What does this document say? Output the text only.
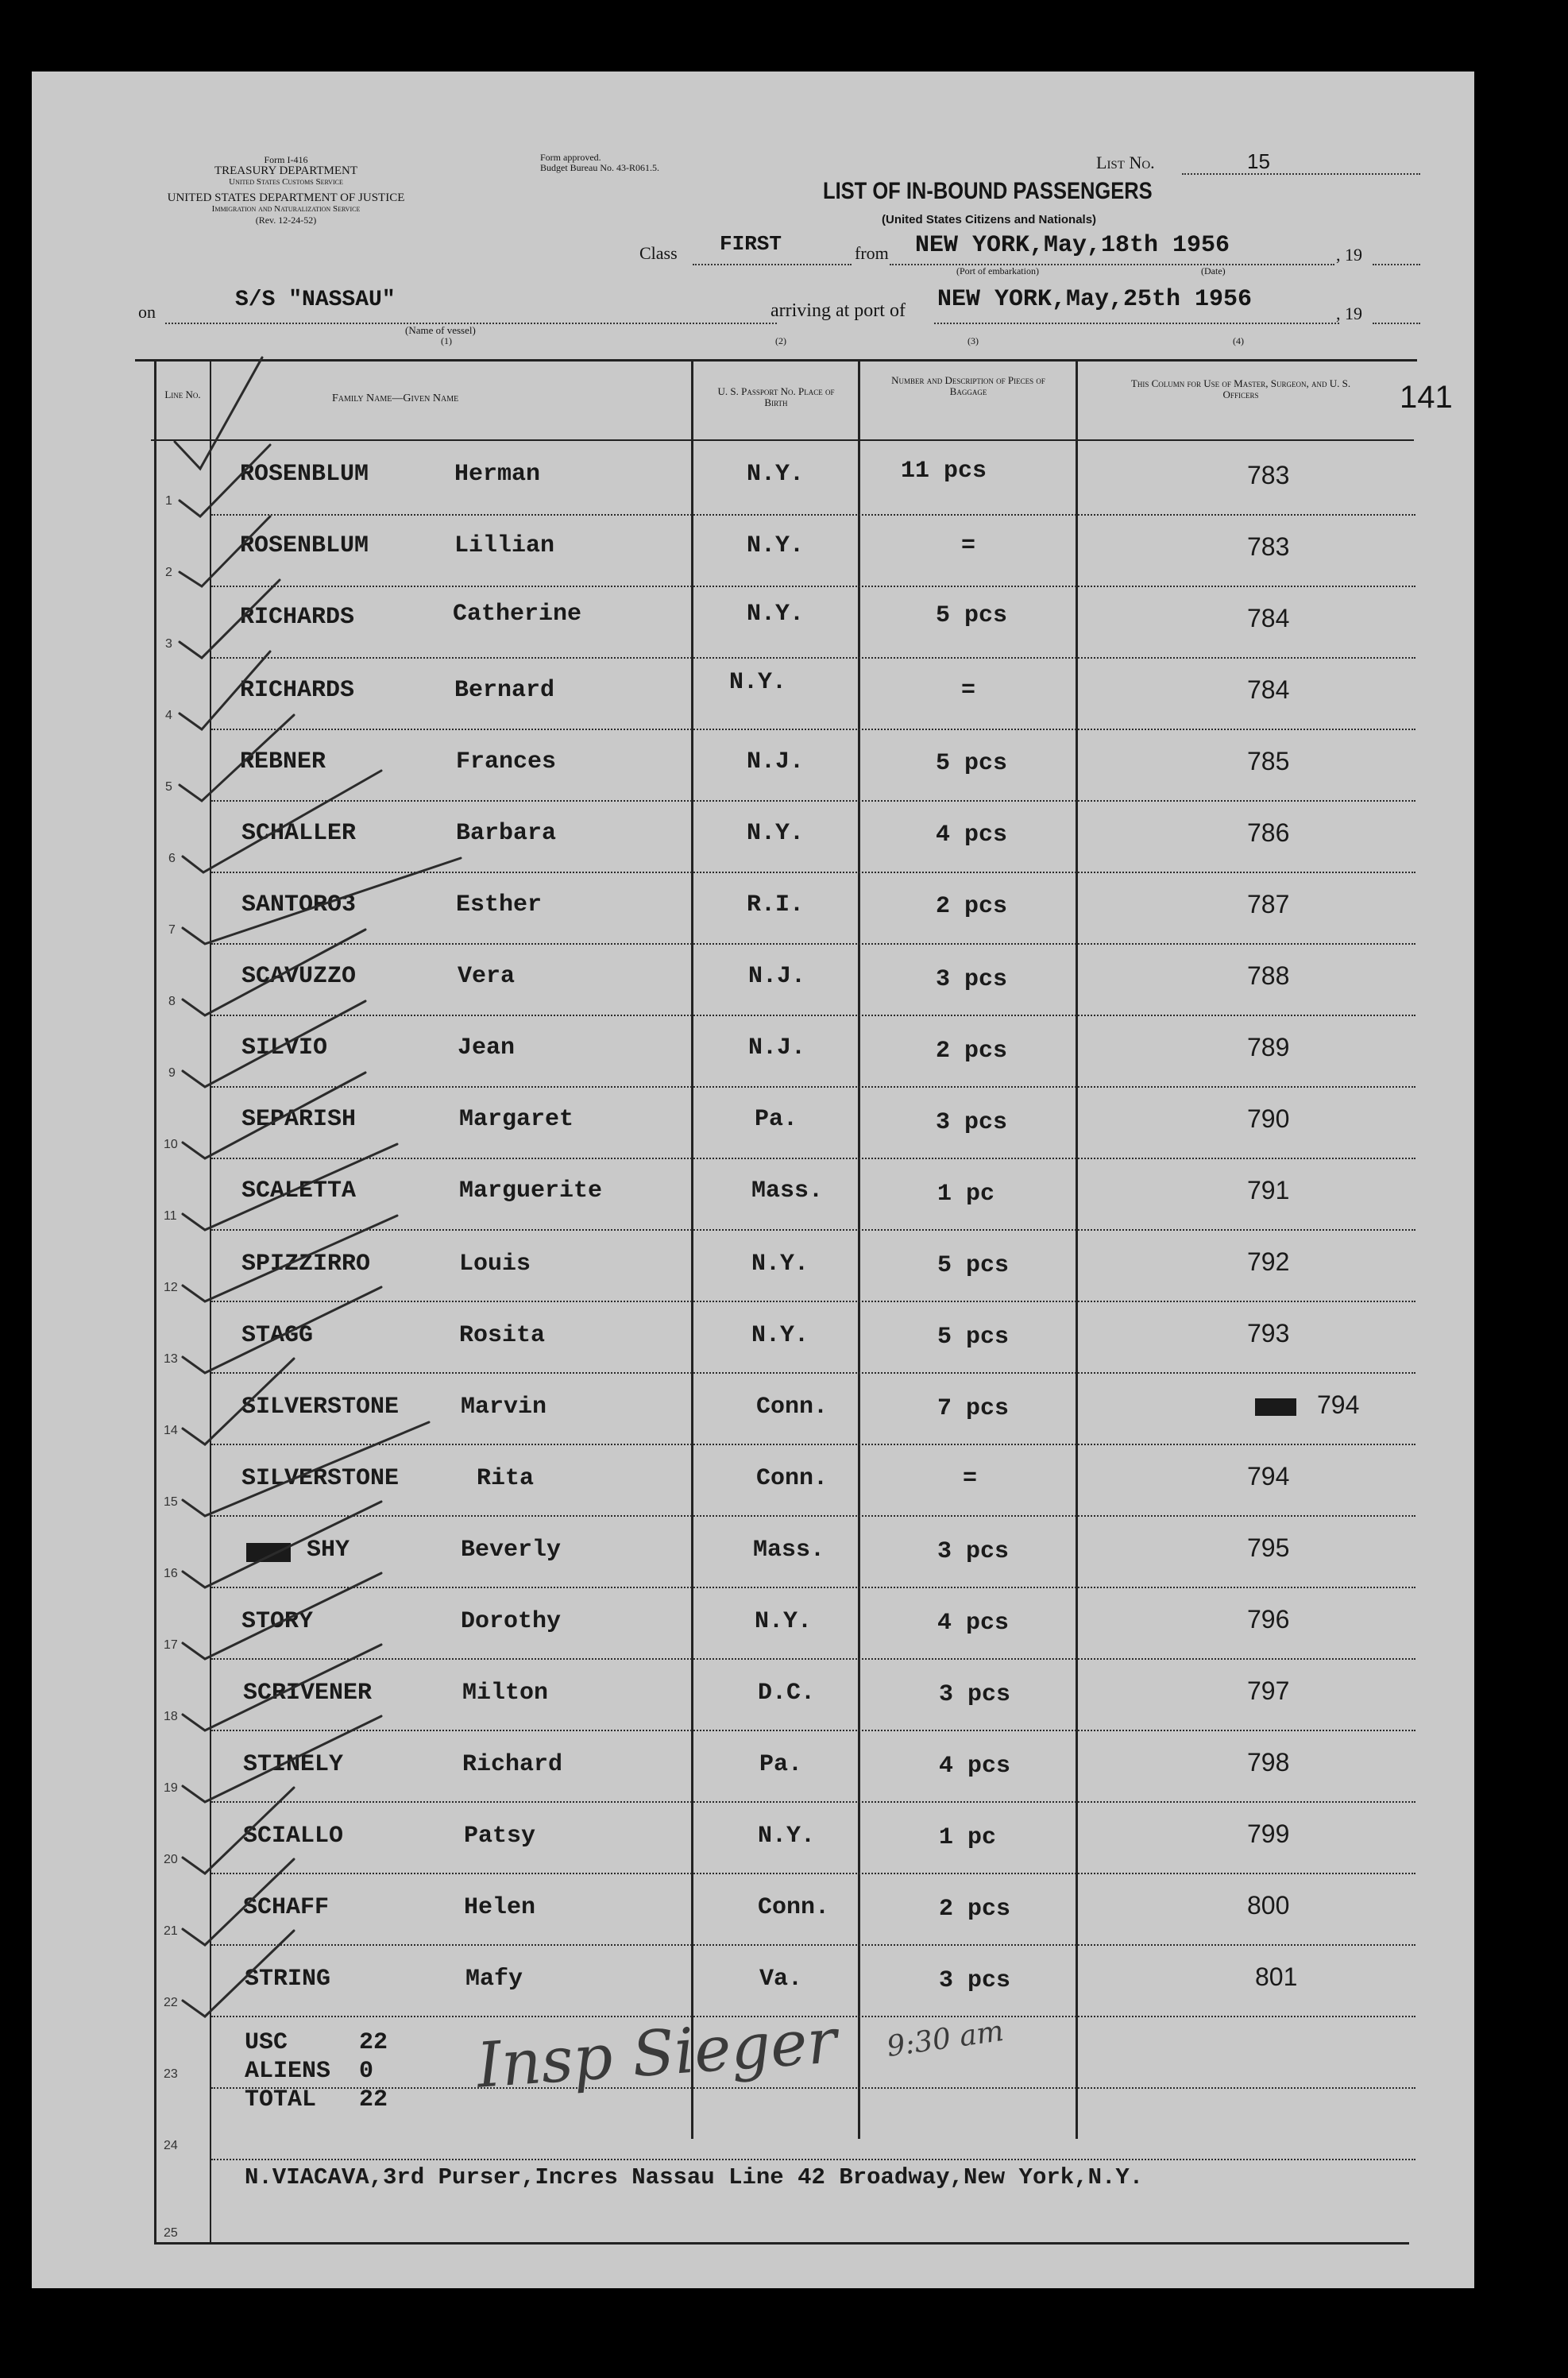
Form I-416
TREASURY DEPARTMENT
United States Customs Service
UNITED STATES DEPARTMENT OF JUSTICE
Immigration and Naturalization Service
(Rev. 12-24-52)
Form approved.
Budget Bureau No. 43-R061.5.	List No.	15
LIST OF IN-BOUND PASSENGERS
(United States Citizens and Nationals)
Class FIRST	from NEW YORK,May,18th 1956	, 19
(Port of embarkation)	(Date)
on	S/S "NASSAU"
(Name of vessel)
(1)
arriving at port of NEW YORK,May,25th 1956
, 19
(2)	(3)	(4)
141
Line No.	Family Name—Given Name
U. S. Passport No. Place of Birth
Number and Description of Pieces of Baggage
This Column for Use of Master, Surgeon, and U. S. Officers
1
ROSENBLUM	Herman	N.Y.	11 pcs	783
2
ROSENBLUM	Lillian	N.Y.	=	783
3
RICHARDS	Catherine	N.Y.	5 pcs	784
4
RICHARDS	Bernard	N.Y.	=	784
5
REBNER	Frances	N.J.	5 pcs	785
6
SCHALLER	Barbara	N.Y.	4 pcs	786
7
SANTORO3	Esther	R.I.	2 pcs	787
8
SCAVUZZO	Vera	N.J.	3 pcs	788
9
SILVIO	Jean	N.J.	2 pcs	789
10
SEPARISH	Margaret	Pa.	3 pcs	790
11
SCALETTA	Marguerite	Mass.	1 pc	791
12
SPIZZIRRO	Louis	N.Y.	5 pcs	792
13
STAGG	Rosita	N.Y.	5 pcs	793
14
SILVERSTONE	Marvin	Conn.	7 pcs	794
15
SILVERSTONE	Rita	Conn.	=	794
16
SHY	Beverly	Mass.	3 pcs	795
17
STORY	Dorothy	N.Y.	4 pcs	796
18
SCRIVENER	Milton	D.C.	3 pcs	797
19
STINELY	Richard	Pa.	4 pcs	798
20
SCIALLO	Patsy	N.Y.	1 pc	799
21
SCHAFF	Helen	Conn.	2 pcs	800
22
STRING	Mafy	Va.	3 pcs	801
23
24
25
USC     22
ALIENS  0
TOTAL   22 Insp Sieger 9:30 am
N.VIACAVA,3rd Purser,Incres Nassau Line 42 Broadway,New York,N.Y.
